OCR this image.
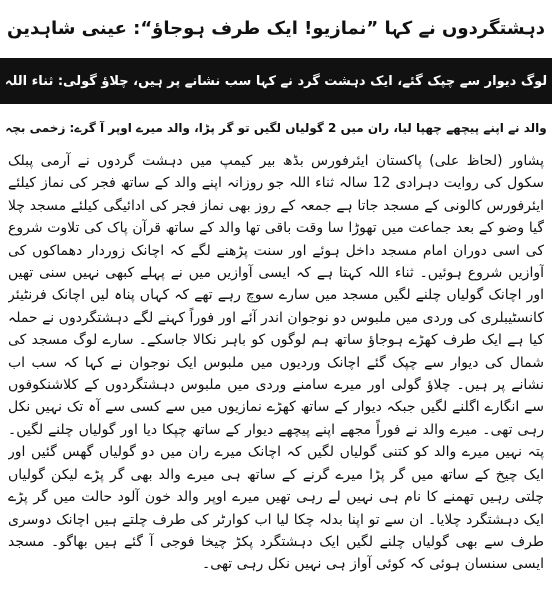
دہشتگردوں نے کہا ”نمازیو! ایک طرف ہوجاؤ“: عینی شاہدین
لوگ دیوار سے چپک گئے، ایک دہشت گرد نے کہا سب نشانے پر ہیں، چلاؤ گولی: ثناء اللہ
والد نے اپنے پیچھے چھپا لیا، ران میں 2 گولیاں لگیں تو گر پڑا، والد میرے اوپر آ گرے: زخمی بچہ

پشاور (لحاظ علی) پاکستان ایئرفورس بڈھ بیر کیمپ میں دہشت گردوں نے آرمی پبلک سکول کی روایت دہرادی 12 سالہ ثناء اللہ جو روزانہ اپنے والد کے ساتھ فجر کی نماز کیلئے ایئرفورس کالونی کے مسجد جاتا ہے جمعہ کے روز بھی نماز فجر کی ادائیگی کیلئے مسجد چلا گیا وضو کے بعد جماعت میں تھوڑا سا وقت باقی تھا والد کے ساتھ قرآن پاک کی تلاوت شروع کی اسی دوران امام مسجد داخل ہوئے اور سنت پڑھنے لگے کہ اچانک زوردار دھماکوں کی آوازیں شروع ہوئیں۔ ثناء اللہ کہتا ہے کہ ایسی آوازیں میں نے پہلے کبھی نہیں سنی تھیں اور اچانک گولیاں چلنے لگیں مسجد میں سارے سوچ رہے تھے کہ کہاں پناہ لیں اچانک فرنٹیئر کانسٹیبلری کی وردی میں ملبوس دو نوجوان اندر آئے اور فوراً کہنے لگے دہشتگردوں نے حملہ کیا ہے ایک طرف کھڑے ہوجاؤ ساتھ ہم لوگوں کو باہر نکالا جاسکے۔ سارے لوگ مسجد کی شمال کی دیوار سے چپک گئے اچانک وردیوں میں ملبوس ایک نوجوان نے کہا کہ سب اب نشانے پر ہیں۔ چلاؤ گولی اور میرے سامنے وردی میں ملبوس دہشتگردوں کے کلاشنکوفوں سے انگارے اگلنے لگیں جبکہ دیوار کے ساتھ کھڑے نمازیوں میں سے کسی سے آہ تک نہیں نکل رہی تھی۔ میرے والد نے فوراً مجھے اپنے پیچھے دیوار کے ساتھ چپکا دیا اور گولیاں چلنے لگیں۔ پتہ نہیں میرے والد کو کتنی گولیاں لگیں کہ اچانک میرے ران میں دو گولیاں گھس گئیں اور ایک چیخ کے ساتھ میں گر پڑا میرے گرنے کے ساتھ ہی میرے والد بھی گر پڑے لیکن گولیاں چلتی رہیں تھمنے کا نام ہی نہیں لے رہی تھیں میرے اوپر والد خون آلود حالت میں گر پڑے ایک دہشتگرد چلایا۔ ان سے تو اپنا بدلہ چکا لیا اب کوارٹر کی طرف چلتے ہیں اچانک دوسری طرف سے بھی گولیاں چلنے لگیں ایک دہشتگرد پکڑ چیخا فوجی آ گئے ہیں بھاگو۔ مسجد ایسی سنسان ہوئی کہ کوئی آواز ہی نہیں نکل رہی تھی۔
